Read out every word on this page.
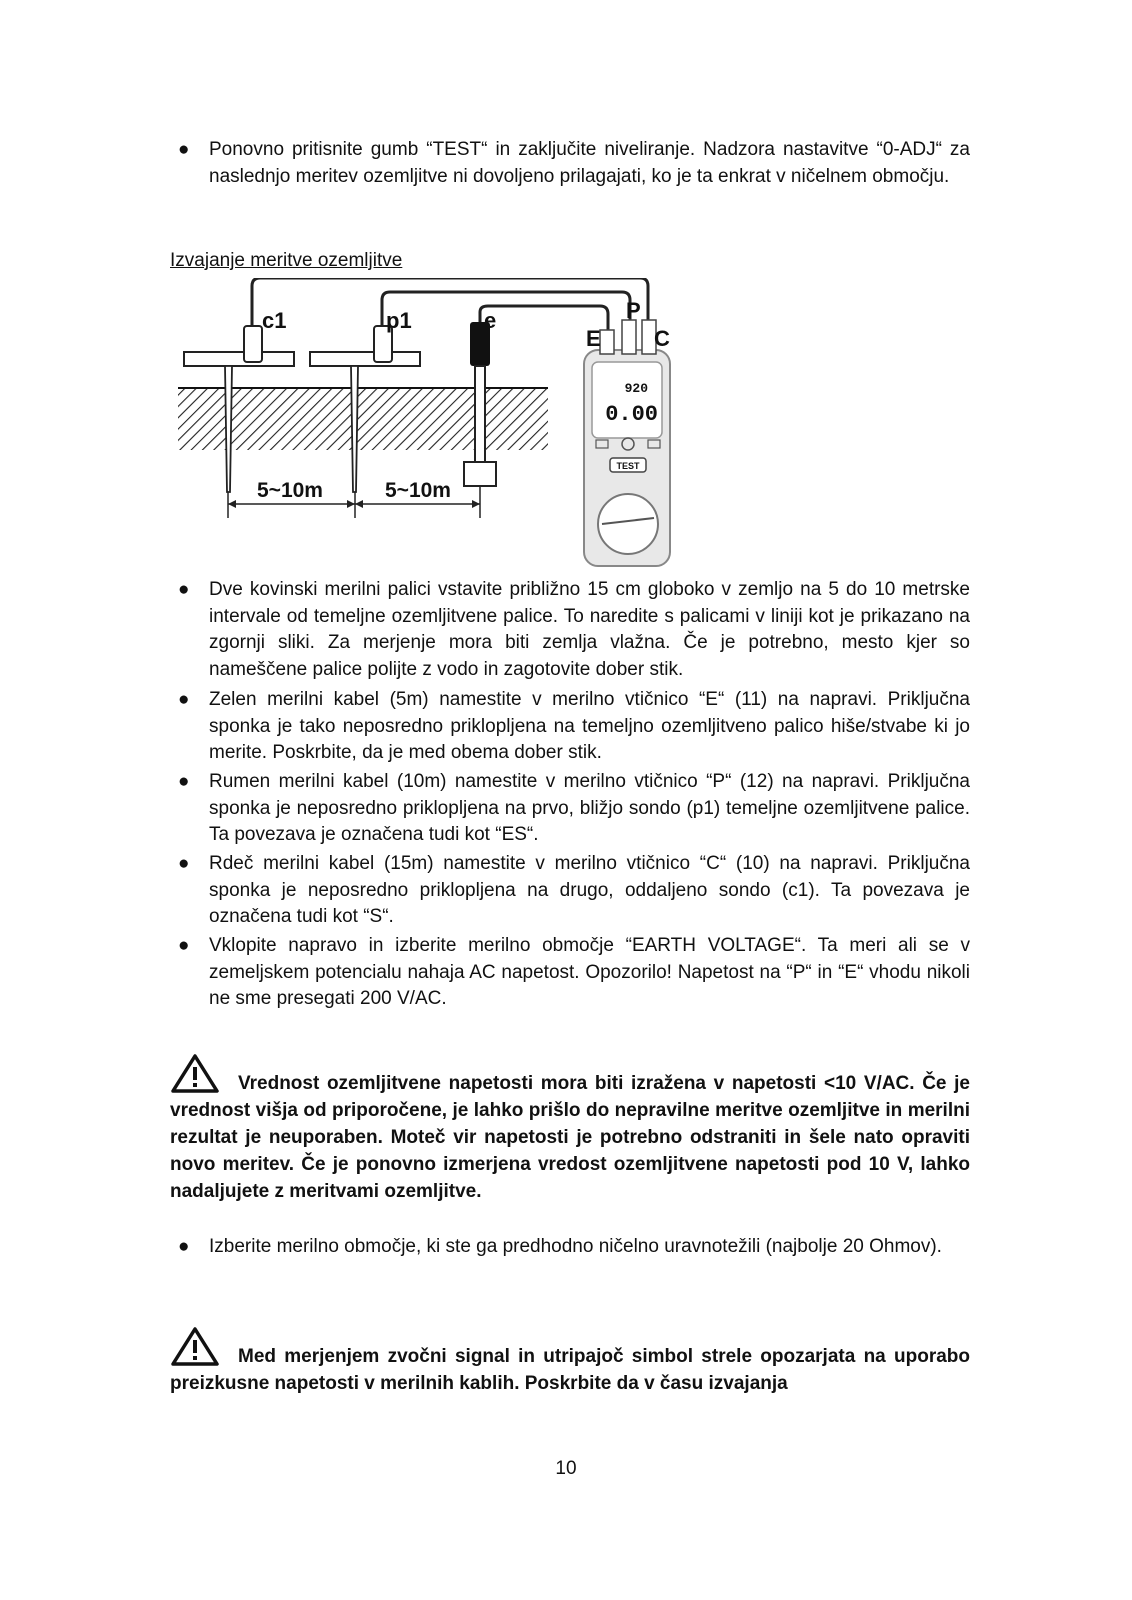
●	Ponovno pritisnite gumb “TEST“ in zaključite niveliranje. Nadzora nastavitve “0-ADJ“ za naslednjo meritev ozemljitve ni dovoljeno prilagajati, ko je ta enkrat v ničelnem območju.
Izvajanje meritve ozemljitve
c1	p1	e
5~10m	5~10m
920
0.00
TEST
E
P
C
●	Dve kovinski merilni palici vstavite približno 15 cm globoko v zemljo na 5 do 10 metrske intervale od temeljne ozemljitvene palice. To naredite s palicami v liniji kot je prikazano na zgornji sliki. Za merjenje mora biti zemlja vlažna. Če je potrebno, mesto kjer so nameščene palice polijte z vodo in zagotovite dober stik.
●	Zelen merilni kabel (5m) namestite v merilno vtičnico “E“ (11) na napravi. Priključna sponka je tako neposredno priklopljena na temeljno ozemljitveno palico hiše/stvabe ki jo merite. Poskrbite, da je med obema dober stik.
●	Rumen merilni kabel (10m) namestite v merilno vtičnico “P“ (12) na napravi. Priključna sponka je neposredno priklopljena na prvo, bližjo sondo (p1) temeljne ozemljitvene palice. Ta povezava je označena tudi kot “ES“.
●	Rdeč merilni kabel (15m) namestite v merilno vtičnico “C“ (10) na napravi. Priključna sponka je neposredno priklopljena na drugo, oddaljeno sondo (c1). Ta povezava je označena tudi kot “S“.
●	Vklopite napravo in izberite merilno območje “EARTH VOLTAGE“. Ta meri ali se v zemeljskem potencialu nahaja AC napetost. Opozorilo! Napetost na “P“ in “E“ vhodu nikoli ne sme presegati 200 V/AC.
Vrednost ozemljitvene napetosti mora biti izražena v napetosti <10 V/AC. Če je vrednost višja od priporočene, je lahko prišlo do nepravilne meritve ozemljitve in merilni rezultat je neuporaben. Moteč vir napetosti je potrebno odstraniti in šele nato opraviti novo meritev. Če je ponovno izmerjena vredost ozemljitvene napetosti pod 10 V, lahko nadaljujete z meritvami ozemljitve.
●	Izberite merilno območje, ki ste ga predhodno ničelno uravnotežili (najbolje 20 Ohmov).
Med merjenjem zvočni signal in utripajoč simbol strele opozarjata na uporabo preizkusne napetosti v merilnih kablih. Poskrbite da v času izvajanja
10
